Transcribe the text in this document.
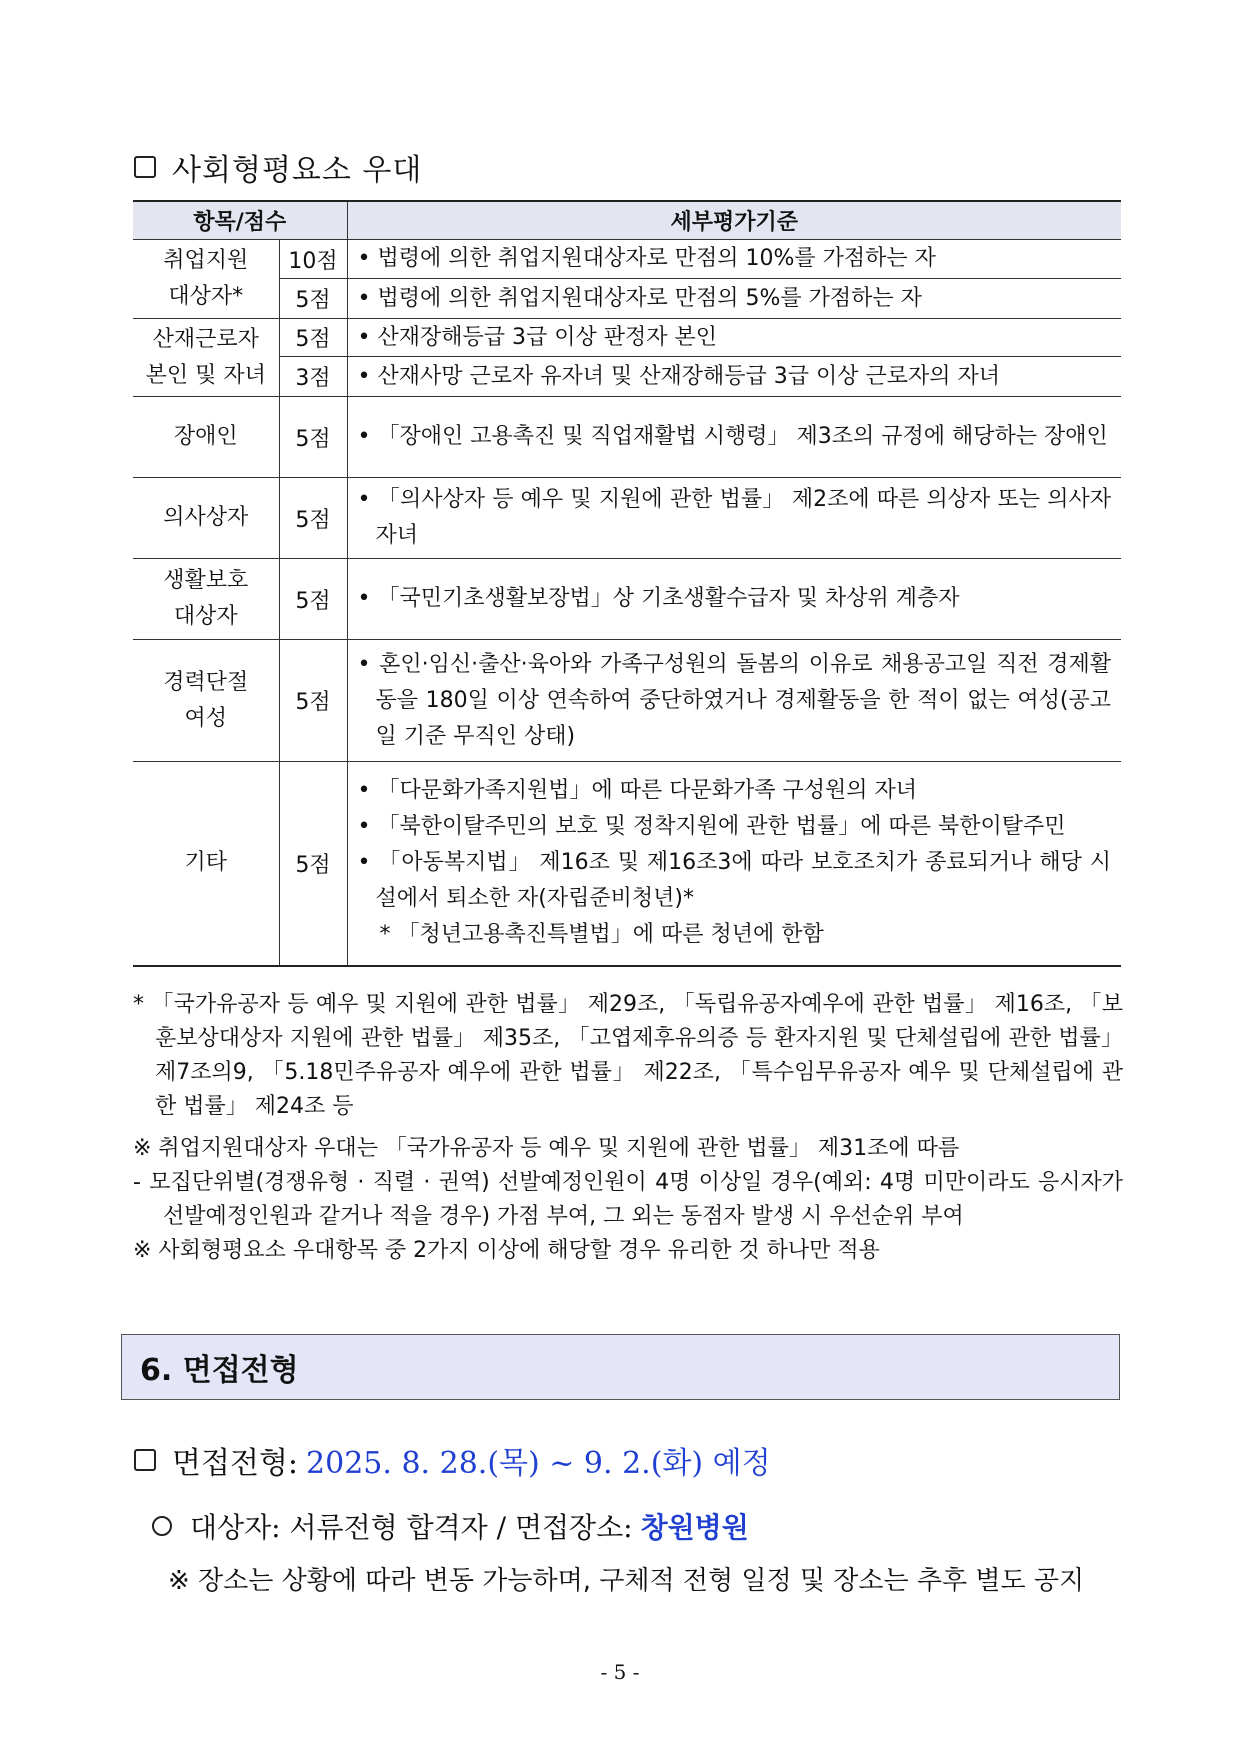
사회형평요소 우대
항목/점수		세부평가기준
취업지원
대상자*	10점	• 법령에 의한 취업지원대상자로 만점의 10%를 가점하는 자
	5점	• 법령에 의한 취업지원대상자로 만점의 5%를 가점하는 자
산재근로자
본인 및 자녀	5점	• 산재장해등급 3급 이상 판정자 본인
	3점	• 산재사망 근로자 유자녀 및 산재장해등급 3급 이상 근로자의 자녀
장애인	5점	• 「장애인 고용촉진 및 직업재활법 시행령」 제3조의 규정에 해당하는 장애인

의사상자	5점	• 「의사상자 등 예우 및 지원에 관한 법률」 제2조에 따른 의상자 또는 의사자 자녀

생활보호
대상자	5점	• 「국민기초생활보장법」상 기초생활수급자 및 차상위 계층자
경력단절
여성	5점	• 혼인·임신·출산·육아와 가족구성원의 돌봄의 이유로 채용공고일 직전 경제활동을 180일 이상 연속하여 중단하였거나 경제활동을 한 적이 없는 여성(공고일 기준 무직인 상태)

기타	5점	• 「다문화가족지원법」에 따른 다문화가족 구성원의 자녀
• 「북한이탈주민의 보호 및 정착지원에 관한 법률」에 따른 북한이탈주민
• 「아동복지법」 제16조 및 제16조3에 따라 보호조치가 종료되거나 해당 시설에서 퇴소한 자(자립준비청년)*
* 「청년고용촉진특별법」에 따른 청년에 한함

* 「국가유공자 등 예우 및 지원에 관한 법률」 제29조, 「독립유공자예우에 관한 법률」 제16조, 「보훈보상대상자 지원에 관한 법률」 제35조, 「고엽제후유의증 등 환자지원 및 단체설립에 관한 법률」 제7조의9, 「5.18민주유공자 예우에 관한 법률」 제22조, 「특수임무유공자 예우 및 단체설립에 관한 법률」 제24조 등

※ 취업지원대상자 우대는 「국가유공자 등 예우 및 지원에 관한 법률」 제31조에 따름

- 모집단위별(경쟁유형 · 직렬 · 권역) 선발예정인원이 4명 이상일 경우(예외: 4명 미만이라도 응시자가 선발예정인원과 같거나 적을 경우) 가점 부여, 그 외는 동점자 발생 시 우선순위 부여

※ 사회형평요소 우대항목 중 2가지 이상에 해당할 경우 유리한 것 하나만 적용

6. 면접전형
면접전형: 2025. 8. 28.(목) ~ 9. 2.(화) 예정
대상자: 서류전형 합격자 / 면접장소: 창원병원
※ 장소는 상황에 따라 변동 가능하며, 구체적 전형 일정 및 장소는 추후 별도 공지
- 5 -
